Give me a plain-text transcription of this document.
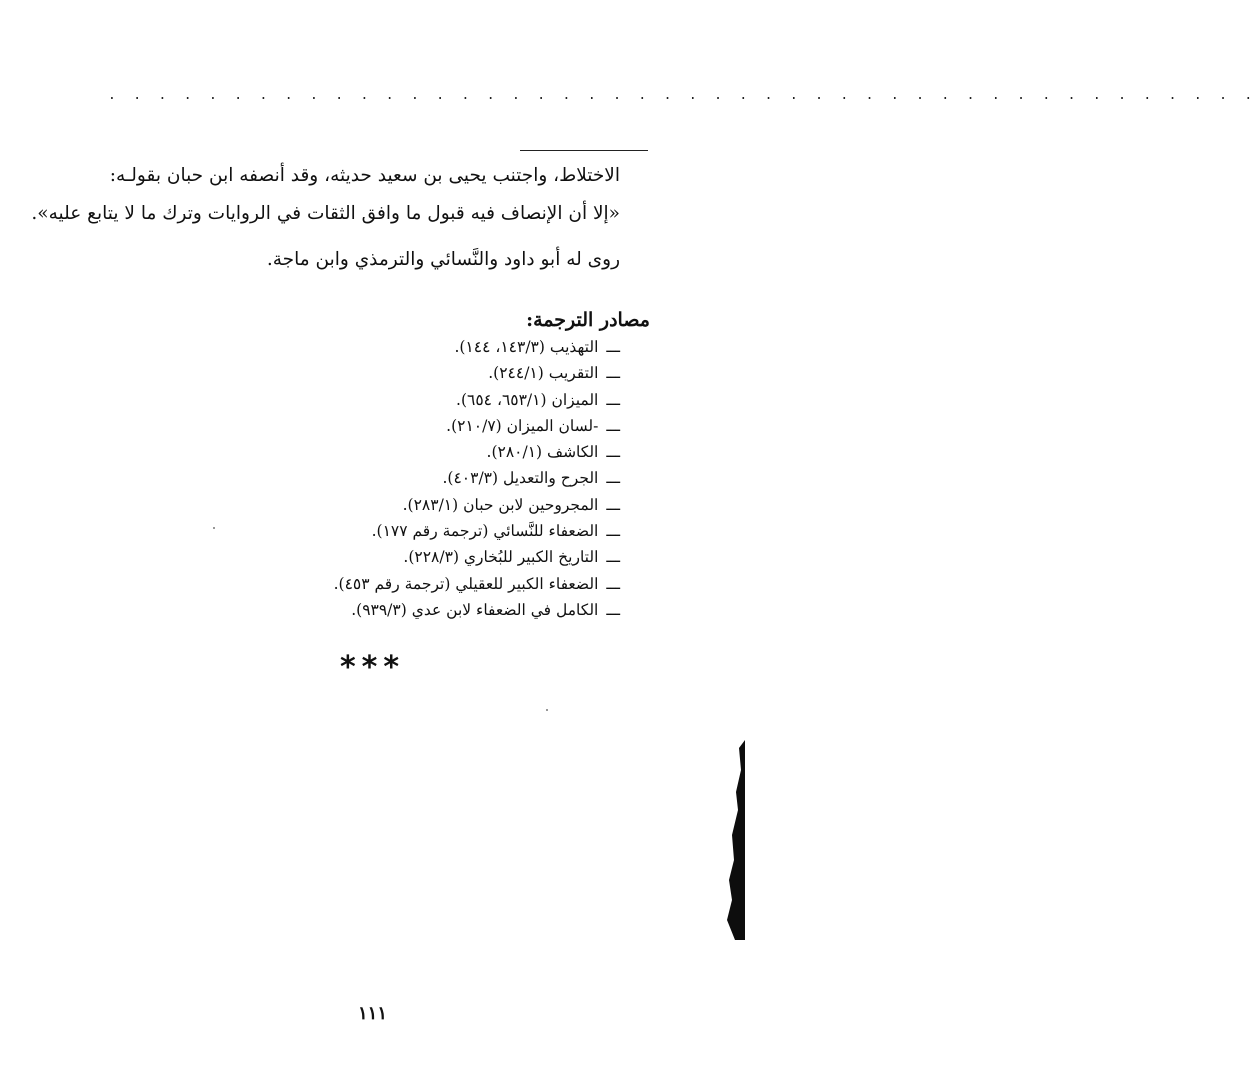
. . . . . . . . . . . . . . . . . . . . . . . . . . . . . . . . . . . . . . . . . . . . . .
الاختلاط، واجتنب يحيى بن سعيد حديثه، وقد أنصفه ابن حبان بقولـه:
«إلا أن الإنصاف فيه قبول ما وافق الثقات في الروايات وترك ما لا يتابع عليه».
روى له أبو داود والنَّسائي والترمذي وابن ماجة.
مصادر الترجمة:
ـــالتهذيب (١٤٣/٣، ١٤٤).
ـــالتقريب (٢٤٤/١).
ـــالميزان (٦٥٣/١، ٦٥٤).
ـــ-لسان الميزان (٢١٠/٧).
ـــالكاشف (٢٨٠/١).
ـــالجرح والتعديل (٤٠٣/٣).
ـــالمجروحين لابن حبان (٢٨٣/١).
ـــالضعفاء للنَّسائي (ترجمة رقم ١٧٧).
ـــالتاريخ الكبير للبُخاري (٢٢٨/٣).
ـــالضعفاء الكبير للعقيلي (ترجمة رقم ٤٥٣).
ـــالكامل في الضعفاء لابن عدي (٩٣٩/٣).
***
١١١
